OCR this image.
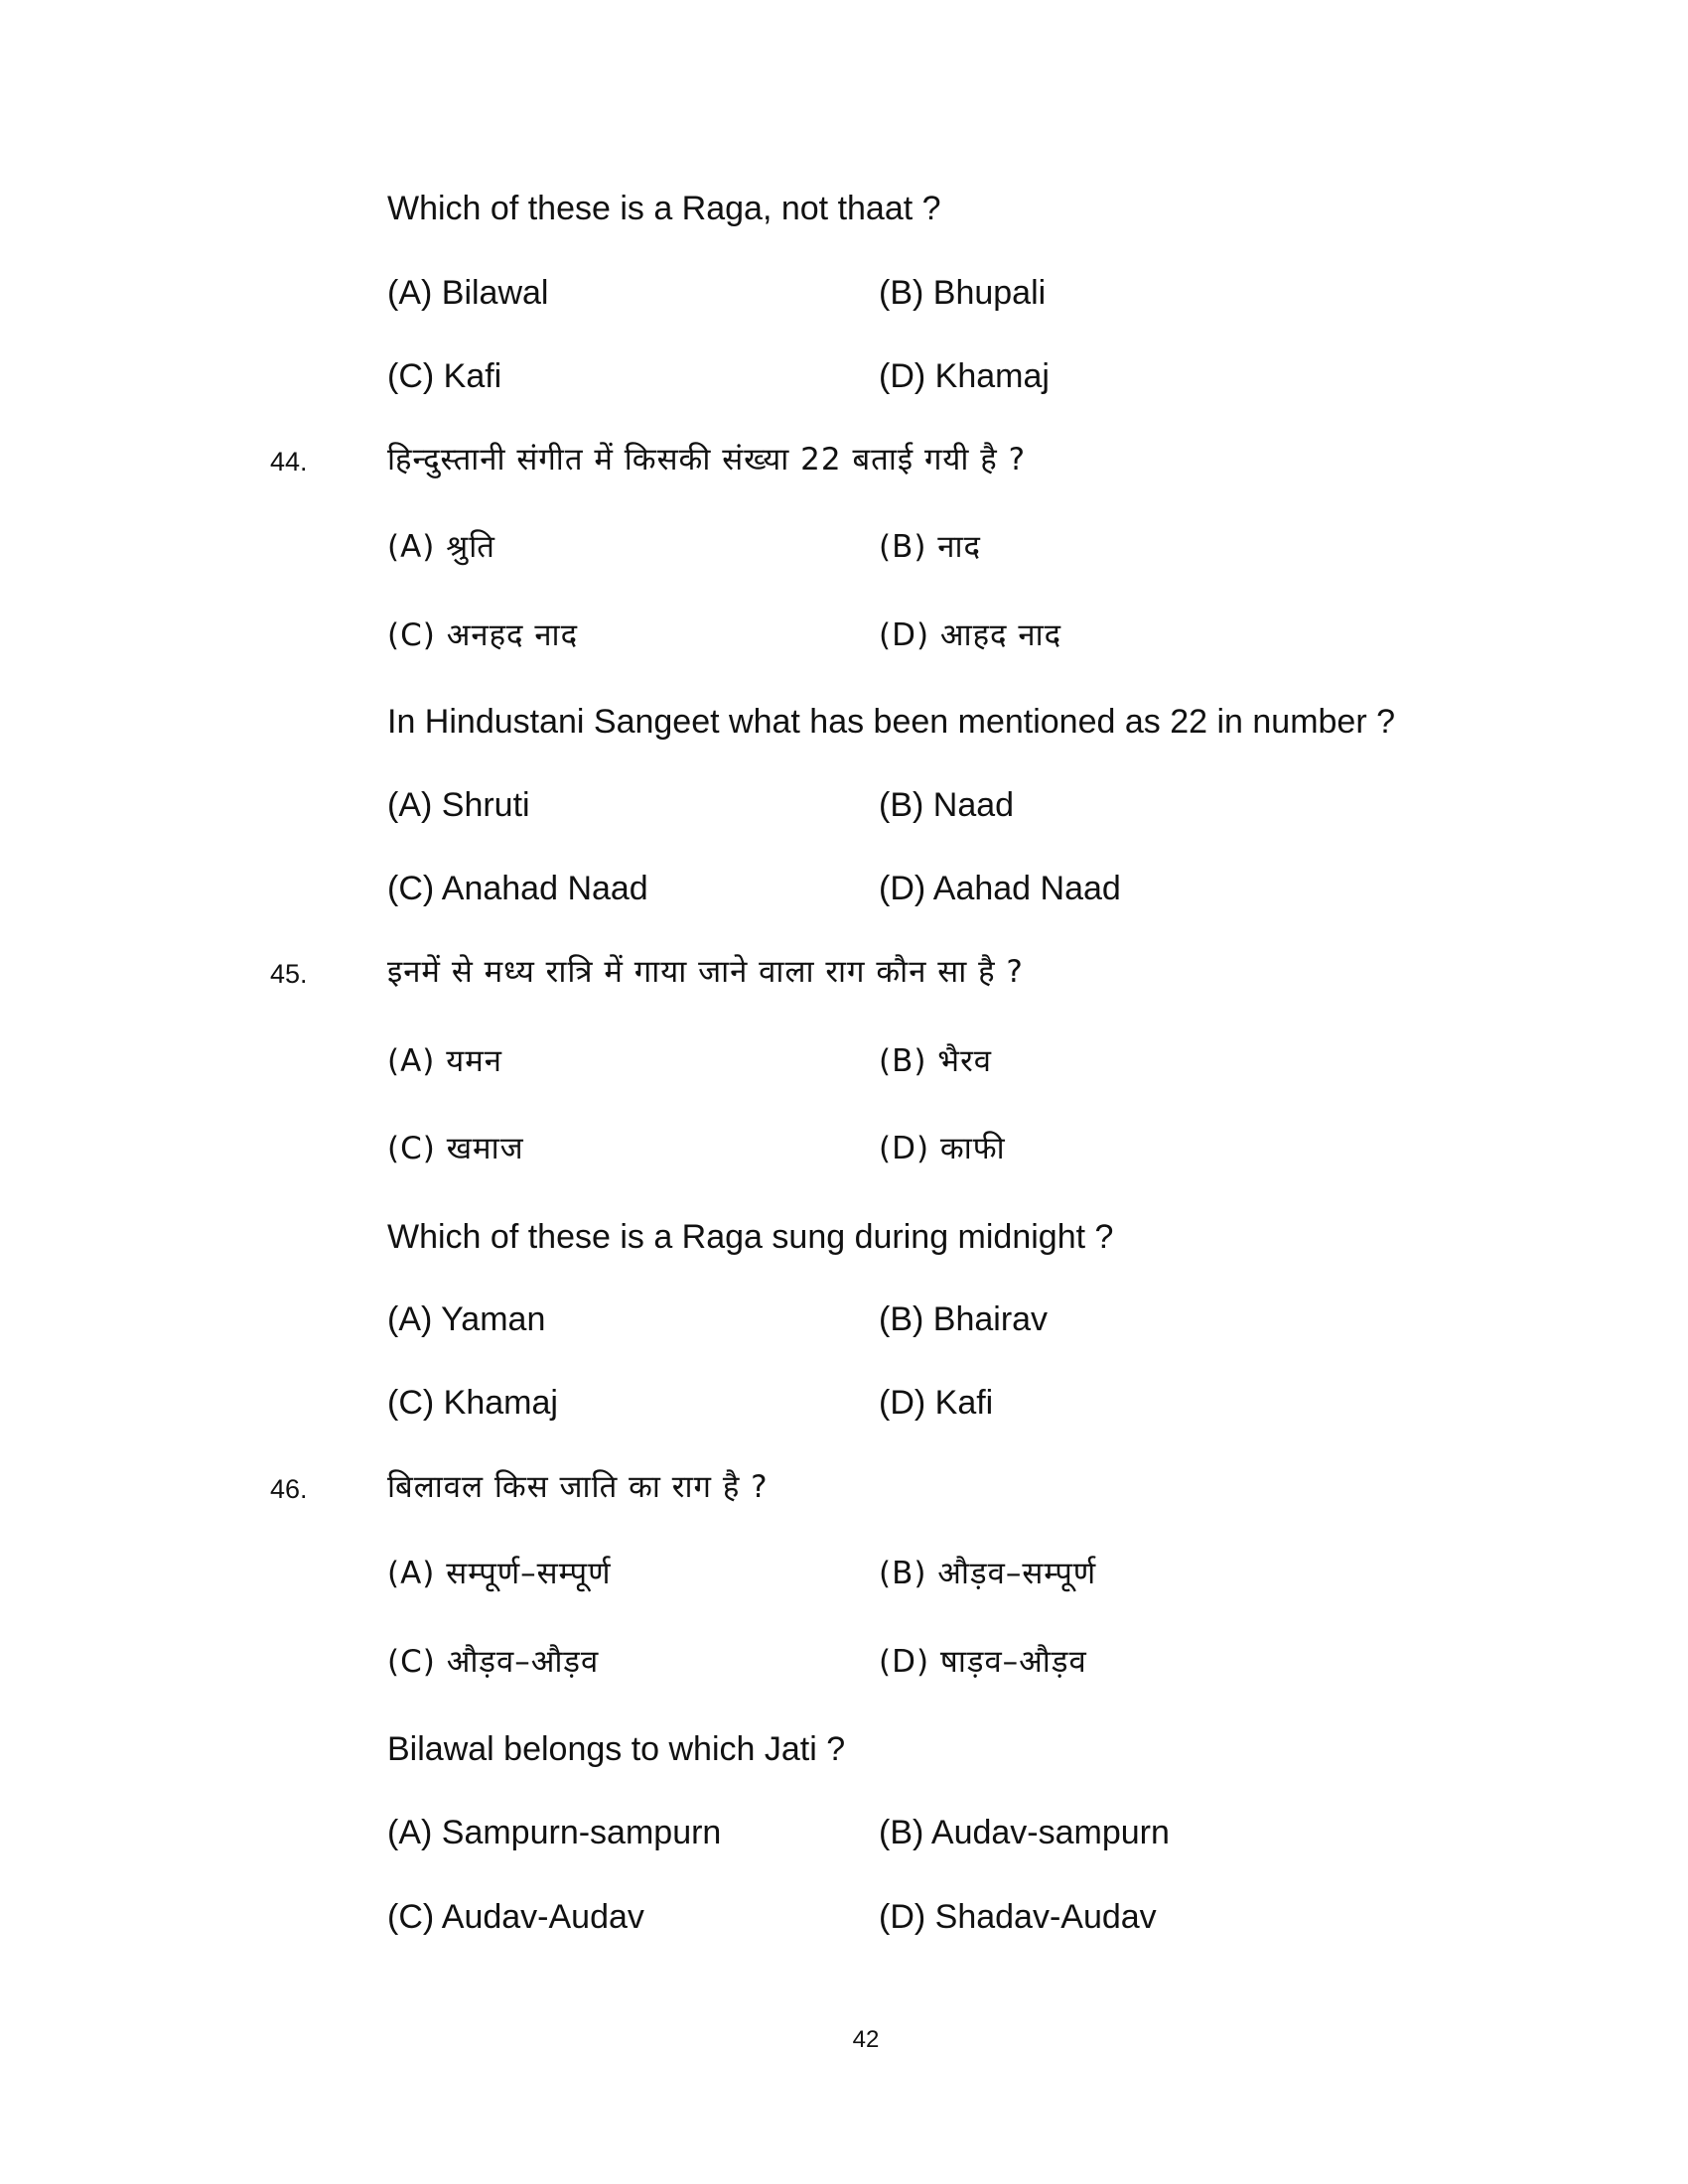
Which of these is a Raga, not thaat ?
(A) Bilawal	(B) Bhupali
(C) Kafi	(D) Khamaj
44.	हिन्दुस्तानी संगीत में किसकी संख्या 22 बताई गयी है ?
(A) श्रुति	(B) नाद
(C) अनहद नाद	(D) आहद नाद
In Hindustani Sangeet what has been mentioned as 22 in number ?
(A) Shruti	(B) Naad
(C) Anahad Naad	(D) Aahad Naad
45.	इनमें से मध्य रात्रि में गाया जाने वाला राग कौन सा है ?
(A) यमन	(B) भैरव
(C) खमाज	(D) काफी
Which of these is a Raga sung during midnight ?
(A) Yaman	(B) Bhairav
(C) Khamaj	(D) Kafi
46.	बिलावल किस जाति का राग है ?
(A) सम्पूर्ण–सम्पूर्ण	(B) औड़व–सम्पूर्ण
(C) औड़व–औड़व	(D) षाड़व–औड़व
Bilawal belongs to which Jati ?
(A) Sampurn-sampurn	(B) Audav-sampurn
(C) Audav-Audav	(D) Shadav-Audav
42
